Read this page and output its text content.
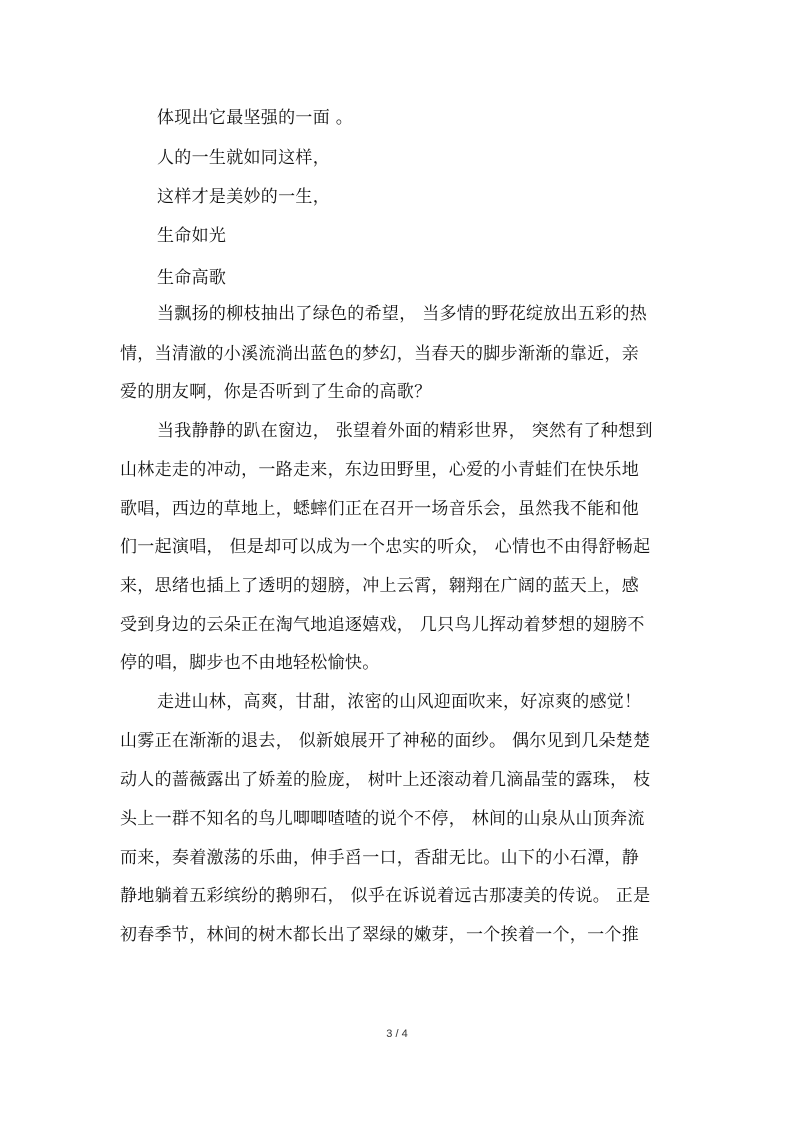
体现出它最坚强的一面 。
人的一生就如同这样，
这样才是美妙的一生，
生命如光
生命高歌
当飘扬的柳枝抽出了绿色的希望， 当多情的野花绽放出五彩的热
情，当清澈的小溪流淌出蓝色的梦幻，当春天的脚步渐渐的靠近，亲
爱的朋友啊，你是否听到了生命的高歌？
当我静静的趴在窗边， 张望着外面的精彩世界， 突然有了种想到
山林走走的冲动，一路走来，东边田野里，心爱的小青蛙们在快乐地
歌唱，西边的草地上，蟋蟀们正在召开一场音乐会，虽然我不能和他
们一起演唱， 但是却可以成为一个忠实的听众， 心情也不由得舒畅起
来，思绪也插上了透明的翅膀，冲上云霄，翱翔在广阔的蓝天上，感
受到身边的云朵正在淘气地追逐嬉戏， 几只鸟儿挥动着梦想的翅膀不
停的唱，脚步也不由地轻松愉快。
走进山林，高爽，甘甜，浓密的山风迎面吹来，好凉爽的感觉！
山雾正在渐渐的退去， 似新娘展开了神秘的面纱。 偶尔见到几朵楚楚
动人的蔷薇露出了娇羞的脸庞， 树叶上还滚动着几滴晶莹的露珠， 枝
头上一群不知名的鸟儿唧唧喳喳的说个不停， 林间的山泉从山顶奔流
而来，奏着激荡的乐曲，伸手舀一口，香甜无比。山下的小石潭，静
静地躺着五彩缤纷的鹅卵石， 似乎在诉说着远古那凄美的传说。 正是
初春季节，林间的树木都长出了翠绿的嫩芽，一个挨着一个，一个推
3 / 4
